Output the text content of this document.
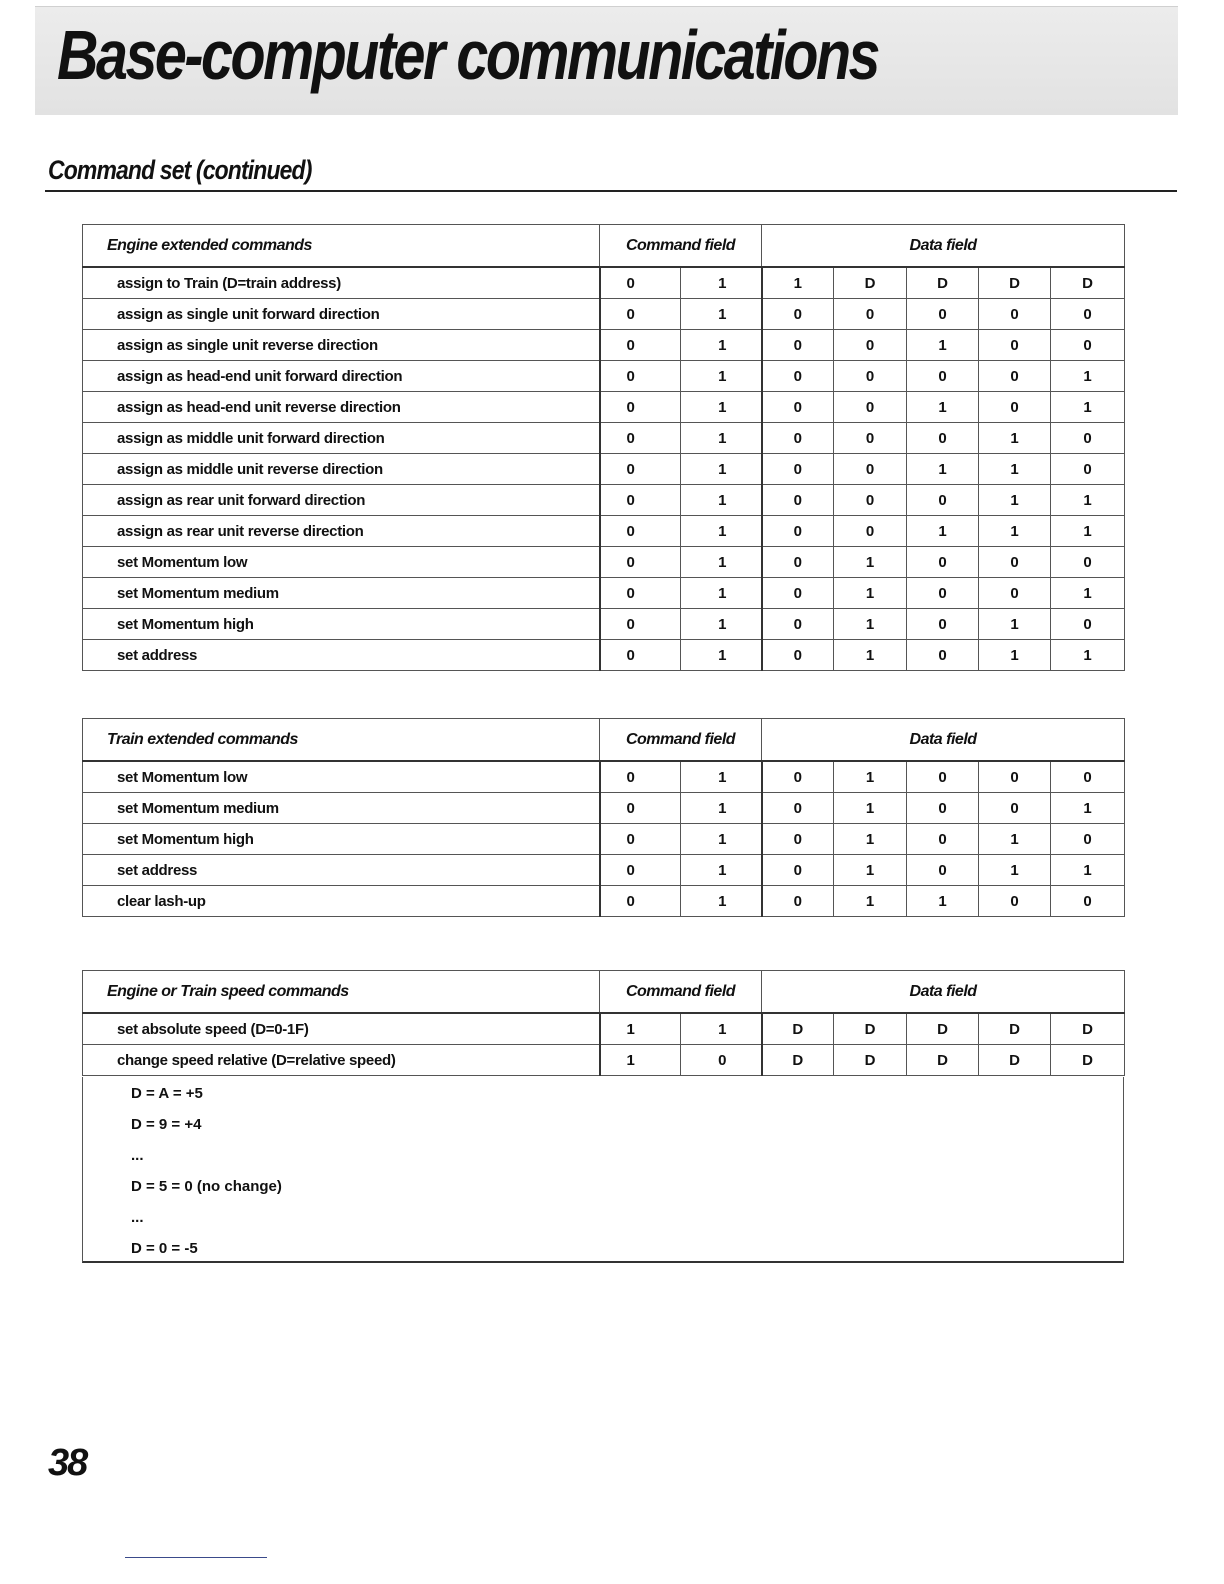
Base-computer communications
Command set (continued)
Engine extended commands	Command field		Data field				
assign to Train (D=train address)	0	1	1	D	D	D	D
assign as single unit forward direction	0	1	0	0	0	0	0
assign as single unit reverse direction	0	1	0	0	1	0	0
assign as head-end unit forward direction	0	1	0	0	0	0	1
assign as head-end unit reverse direction	0	1	0	0	1	0	1
assign as middle unit forward direction	0	1	0	0	0	1	0
assign as middle unit reverse direction	0	1	0	0	1	1	0
assign as rear unit forward direction	0	1	0	0	0	1	1
assign as rear unit reverse direction	0	1	0	0	1	1	1
set Momentum low	0	1	0	1	0	0	0
set Momentum medium	0	1	0	1	0	0	1
set Momentum high	0	1	0	1	0	1	0
set address	0	1	0	1	0	1	1
Train extended commands	Command field		Data field				
set Momentum low	0	1	0	1	0	0	0
set Momentum medium	0	1	0	1	0	0	1
set Momentum high	0	1	0	1	0	1	0
set address	0	1	0	1	0	1	1
clear lash-up	0	1	0	1	1	0	0
Engine or Train speed commands	Command field		Data field				
set absolute speed (D=0-1F)	1	1	D	D	D	D	D
change speed relative (D=relative speed)	1	0	D	D	D	D	D
D = A = +5
D = 9 = +4
...
D = 5 = 0 (no change)
...
D = 0 = -5
38
